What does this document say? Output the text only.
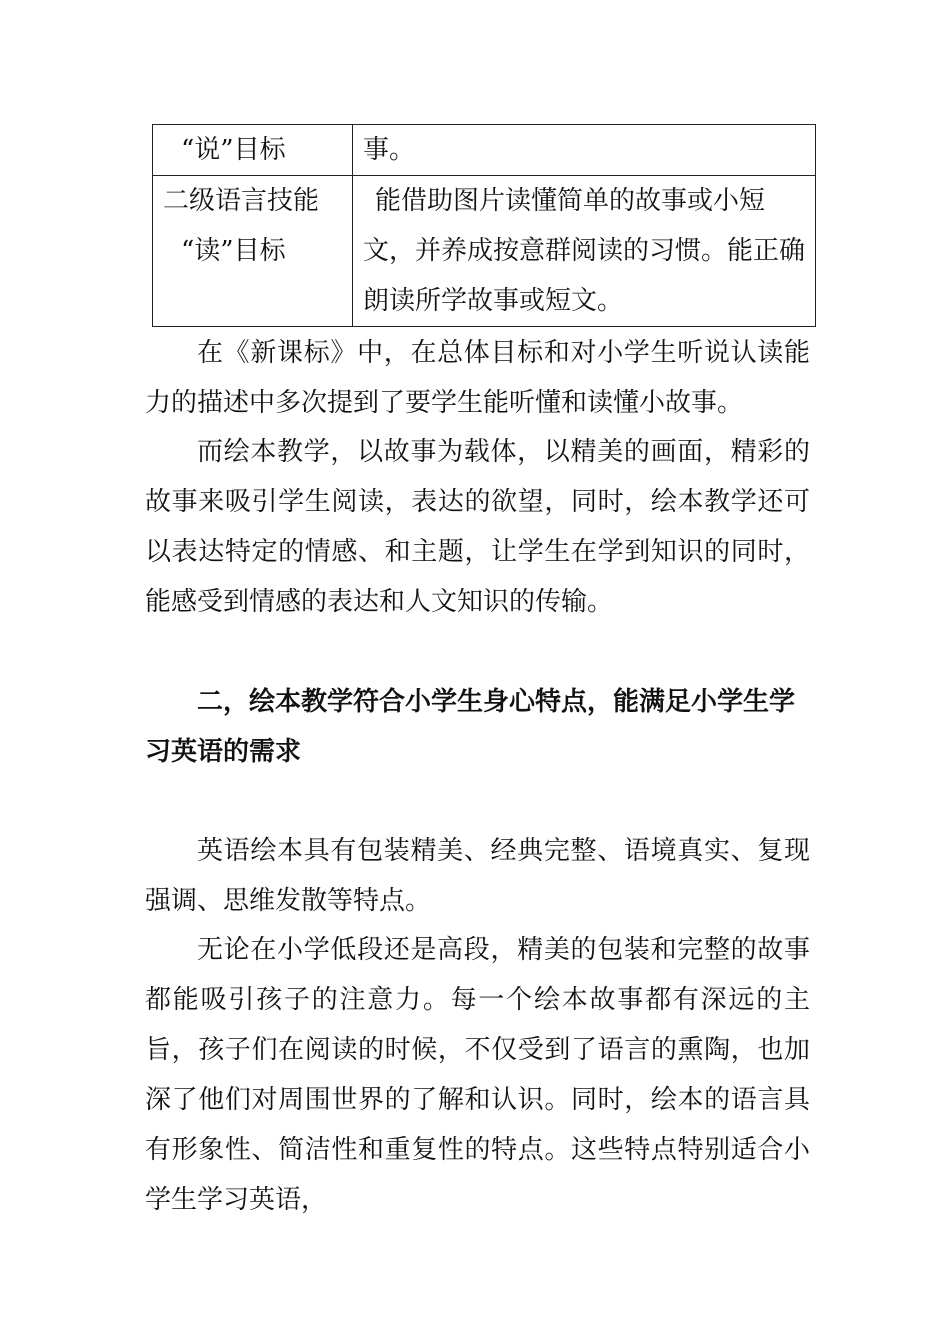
“说”目标	事。

二级语言技能
“读”目标	能借助图片读懂简单的故事或小短
文，并养成按意群阅读的习惯。能正确
朗读所学故事或短文。

在《新课标》中，在总体目标和对小学生听说认读能力的描述中多次提到了要学生能听懂和读懂小故事。

而绘本教学，以故事为载体，以精美的画面，精彩的故事来吸引学生阅读，表达的欲望，同时，绘本教学还可以表达特定的情感、和主题，让学生在学到知识的同时，能感受到情感的表达和人文知识的传输。

二，绘本教学符合小学生身心特点，能满足小学生学习英语的需求

英语绘本具有包装精美、经典完整、语境真实、复现强调、思维发散等特点。

无论在小学低段还是高段，精美的包装和完整的故事都能吸引孩子的注意力。每一个绘本故事都有深远的主旨，孩子们在阅读的时候，不仅受到了语言的熏陶，也加深了他们对周围世界的了解和认识。同时，绘本的语言具有形象性、简洁性和重复性的特点。这些特点特别适合小学生学习英语，
